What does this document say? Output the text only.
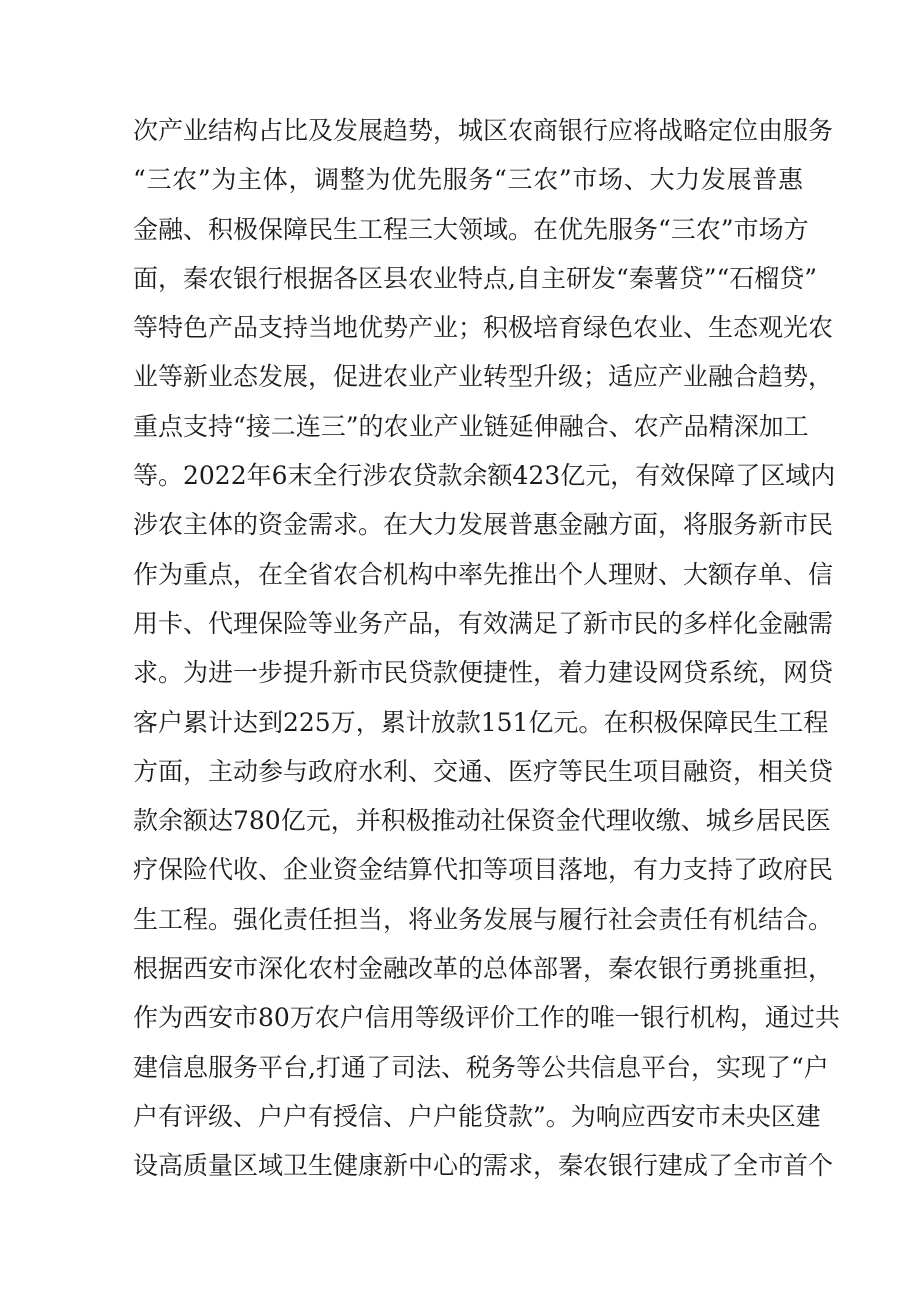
次产业结构占比及发展趋势，城区农商银行应将战略定位由服务
“三农”为主体，调整为优先服务“三农”市场、大力发展普惠
金融、积极保障民生工程三大领域。在优先服务“三农”市场方
面，秦农银行根据各区县农业特点,自主研发“秦薯贷”“石榴贷”
等特色产品支持当地优势产业；积极培育绿色农业、生态观光农
业等新业态发展，促进农业产业转型升级；适应产业融合趋势，
重点支持“接二连三”的农业产业链延伸融合、农产品精深加工
等。2022年6末全行涉农贷款余额423亿元，有效保障了区域内
涉农主体的资金需求。在大力发展普惠金融方面，将服务新市民
作为重点，在全省农合机构中率先推出个人理财、大额存单、信
用卡、代理保险等业务产品，有效满足了新市民的多样化金融需
求。为进一步提升新市民贷款便捷性，着力建设网贷系统，网贷
客户累计达到225万，累计放款151亿元。在积极保障民生工程
方面，主动参与政府水利、交通、医疗等民生项目融资，相关贷
款余额达780亿元，并积极推动社保资金代理收缴、城乡居民医
疗保险代收、企业资金结算代扣等项目落地，有力支持了政府民
生工程。强化责任担当，将业务发展与履行社会责任有机结合。
根据西安市深化农村金融改革的总体部署，秦农银行勇挑重担，
作为西安市80万农户信用等级评价工作的唯一银行机构，通过共
建信息服务平台,打通了司法、税务等公共信息平台，实现了“户
户有评级、户户有授信、户户能贷款”。为响应西安市未央区建
设高质量区域卫生健康新中心的需求，秦农银行建成了全市首个
